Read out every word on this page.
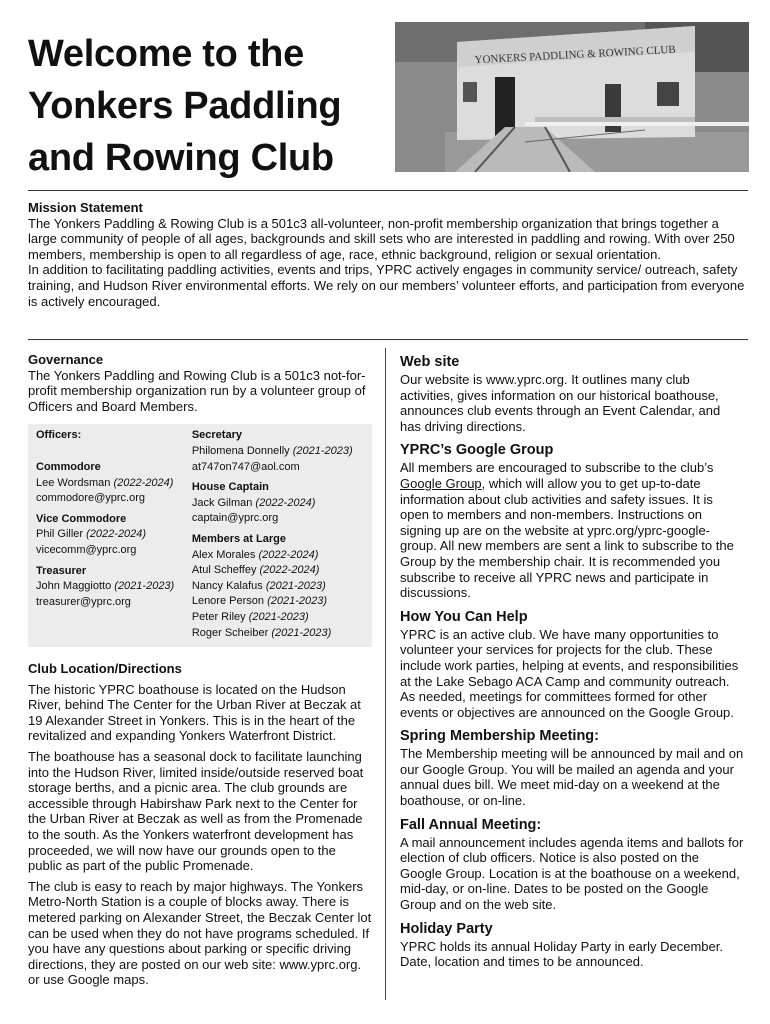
Welcome to the
Yonkers Paddling
and Rowing Club
YONKERS PADDLING & ROWING CLUB

Mission Statement

The Yonkers Paddling & Rowing Club is a 501c3 all-volunteer, non-profit membership organization that brings together a large community of people of all ages, backgrounds and skill sets who are interested in paddling and rowing. With over 250 members, membership is open to all regardless of age, race, ethnic background, religion or sexual orientation.

In addition to facilitating paddling activities, events and trips, YPRC actively engages in community service/ outreach, safety training, and Hudson River environmental efforts. We rely on our members’ volunteer efforts, and participation from everyone is actively encouraged.

Governance

The Yonkers Paddling and Rowing Club is a 501c3 not-for-profit membership organization run by a volunteer group of Officers and Board Members.

Officers:
Commodore
Lee Wordsman (2022-2024)
commodore@yprc.org
Vice Commodore
Phil Giller (2022-2024)
vicecomm@yprc.org
Treasurer
John Maggiotto (2021-2023)
treasurer@yprc.org
Secretary
Philomena Donnelly (2021-2023)
at747on747@aol.com
House Captain
Jack Gilman (2022-2024)
captain@yprc.org
Members at Large
Alex Morales (2022-2024)
Atul Scheffey (2022-2024)
Nancy Kalafus (2021-2023)
Lenore Person (2021-2023)
Peter Riley (2021-2023)
Roger Scheiber (2021-2023)

Club Location/Directions

The historic YPRC boathouse is located on the Hudson River, behind The Center for the Urban River at Beczak at 19 Alexander Street in Yonkers. This is in the heart of the revitalized and expanding Yonkers Waterfront District.

The boathouse has a seasonal dock to facilitate launching into the Hudson River, limited inside/outside reserved boat storage berths, and a picnic area. The club grounds are accessible through Habirshaw Park next to the Center for the Urban River at Beczak as well as from the Promenade to the south. As the Yonkers waterfront development has proceeded, we will now have our grounds open to the public as part of the public Promenade.

The club is easy to reach by major highways. The Yonkers Metro-North Station is a couple of blocks away. There is metered parking on Alexander Street, the Beczak Center lot can be used when they do not have programs scheduled. If you have any questions about parking or specific driving directions, they are posted on our web site: www.yprc.org. or use Google maps.

Web site

Our website is www.yprc.org. It outlines many club activities, gives information on our historical boathouse, announces club events through an Event Calendar, and has driving directions.

YPRC’s Google Group

All members are encouraged to subscribe to the club’s Google Group, which will allow you to get up-to-date information about club activities and safety issues. It is open to members and non-members. Instructions on signing up are on the website at yprc.org/yprc-google-group. All new members are sent a link to subscribe to the Group by the membership chair. It is recommended you subscribe to receive all YPRC news and participate in discussions.

How You Can Help

YPRC is an active club. We have many opportunities to volunteer your services for projects for the club. These include work parties, helping at events, and responsibilities at the Lake Sebago ACA Camp and community outreach. As needed, meetings for committees formed for other events or objectives are announced on the Google Group.

Spring Membership Meeting:

The Membership meeting will be announced by mail and on our Google Group. You will be mailed an agenda and your annual dues bill. We meet mid-day on a weekend at the boathouse, or on-line.

Fall Annual Meeting:

A mail announcement includes agenda items and ballots for election of club officers. Notice is also posted on the Google Group. Location is at the boathouse on a weekend, mid-day, or on-line. Dates to be posted on the Google Group and on the web site.

Holiday Party

YPRC holds its annual Holiday Party in early December. Date, location and times to be announced.
